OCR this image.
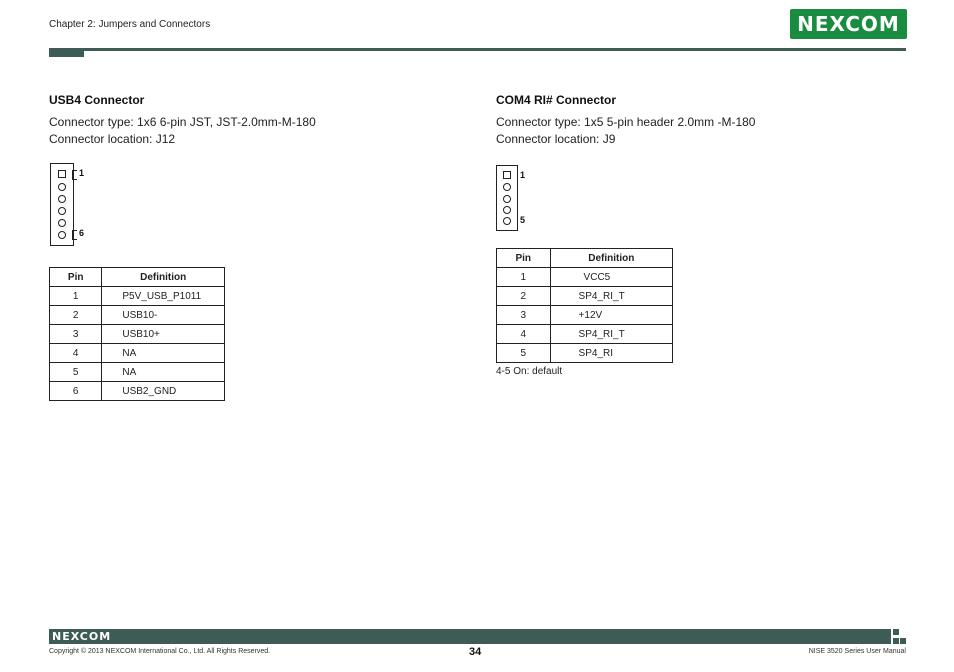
Chapter 2: Jumpers and Connectors	NEXCOM
USB4 Connector
Connector type: 1x6 6-pin JST, JST-2.0mm-M-180
Connector location: J12
1
6
Pin	Definition
1	P5V_USB_P1011
2	USB10-
3	USB10+
4	NA
5	NA
6	USB2_GND
COM4 RI# Connector
Connector type: 1x5 5-pin header 2.0mm -M-180
Connector location: J9
1
5
Pin	Definition
1	VCC5
2	SP4_RI_T
3	+12V
4	SP4_RI_T
5	SP4_RI
4-5 On: default
NEXCOM
Copyright © 2013 NEXCOM International Co., Ltd. All Rights Reserved.	34	NISE 3520 Series User Manual
